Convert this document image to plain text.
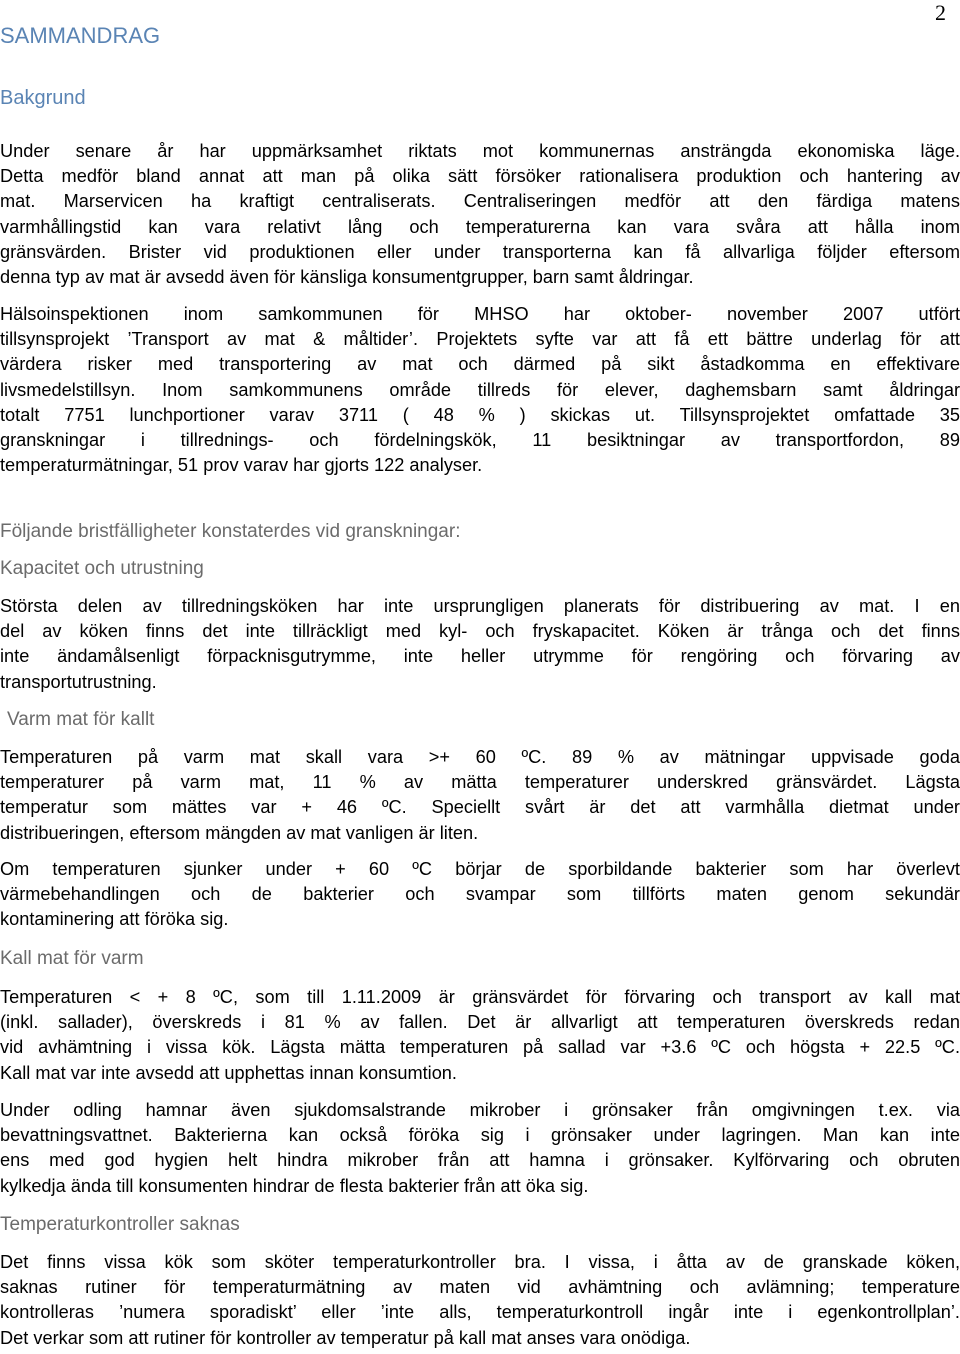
2
SAMMANDRAG
Bakgrund
Under senare år har uppmärksamhet riktats mot kommunernas ansträngda ekonomiska läge.
Detta medför bland annat att man på olika sätt försöker rationalisera produktion och hantering av
mat. Marservicen ha kraftigt centraliserats. Centraliseringen medför att den färdiga matens
varmhållingstid kan vara relativt lång och temperaturerna kan vara svåra att hålla inom
gränsvärden. Brister vid produktionen eller under transporterna kan få allvarliga följder eftersom
denna typ av mat är avsedd även för känsliga konsumentgrupper, barn samt åldringar.
Hälsoinspektionen inom samkommunen för MHSO har oktober- november 2007 utfört
tillsynsprojekt ’Transport av mat & måltider’. Projektets syfte var att få ett bättre underlag för att
värdera risker med transportering av mat och därmed på sikt åstadkomma en effektivare
livsmedelstillsyn. Inom samkommunens område tillreds för elever, daghemsbarn samt åldringar
totalt 7751 lunchportioner varav 3711 ( 48 % ) skickas ut. Tillsynsprojektet omfattade 35
granskningar i tillrednings- och fördelningskök, 11 besiktningar av transportfordon, 89
temperaturmätningar, 51 prov varav har gjorts 122 analyser.
Följande bristfälligheter konstaterdes vid granskningar:
Kapacitet och utrustning
Största delen av tillredningsköken har inte ursprungligen planerats för distribuering av mat. I en
del av köken finns det inte tillräckligt med kyl- och fryskapacitet. Köken är trånga och det finns
inte ändamålsenligt förpacknisgutrymme, inte heller utrymme för rengöring och förvaring av
transportutrustning.
Varm mat för kallt
Temperaturen på varm mat skall vara >+ 60 ºC. 89 % av mätningar uppvisade goda
temperaturer på varm mat, 11 % av mätta temperaturer underskred gränsvärdet. Lägsta
temperatur som mättes var + 46 ºC. Speciellt svårt är det att varmhålla dietmat under
distribueringen, eftersom mängden av mat vanligen är liten.
Om temperaturen sjunker under + 60 ºC börjar de sporbildande bakterier som har överlevt
värmebehandlingen och de bakterier och svampar som tillförts maten genom sekundär
kontaminering att föröka sig.
Kall mat för varm
Temperaturen < + 8 ºC, som till 1.11.2009 är gränsvärdet för förvaring och transport av kall mat
(inkl. sallader), överskreds i 81 % av fallen. Det är allvarligt att temperaturen överskreds redan
vid avhämtning i vissa kök. Lägsta mätta temperaturen på sallad var +3.6 ºC och högsta + 22.5 ºC.
Kall mat var inte avsedd att upphettas innan konsumtion.
Under odling hamnar även sjukdomsalstrande mikrober i grönsaker från omgivningen t.ex. via
bevattningsvattnet. Bakterierna kan också föröka sig i grönsaker under lagringen. Man kan inte
ens med god hygien helt hindra mikrober från att hamna i grönsaker. Kylförvaring och obruten
kylkedja ända till konsumenten hindrar de flesta bakterier från att öka sig.
Temperaturkontroller saknas
Det finns vissa kök som sköter temperaturkontroller bra. I vissa, i åtta av de granskade köken,
saknas rutiner för temperaturmätning av maten vid avhämtning och avlämning; temperature
kontrolleras ’numera sporadiskt’ eller ’inte alls, temperaturkontroll ingår inte i egenkontrollplan’.
Det verkar som att rutiner för kontroller av temperatur på kall mat anses vara onödiga.
